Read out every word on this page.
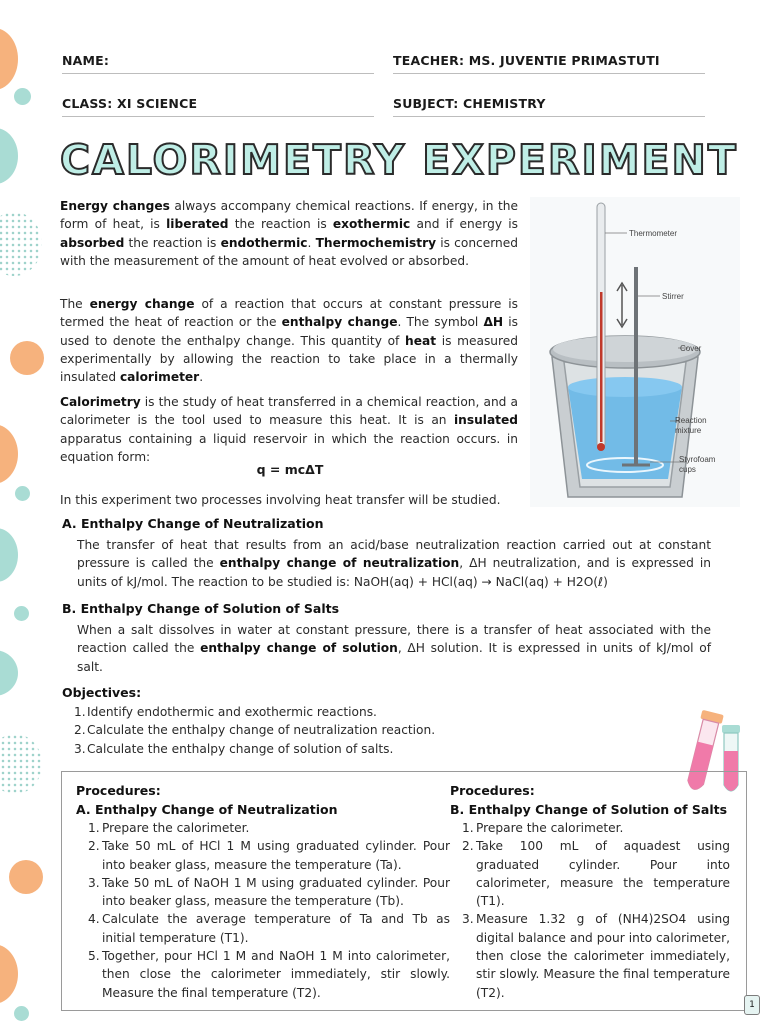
NAME:	TEACHER: MS. JUVENTIE PRIMASTUTI
CLASS: XI SCIENCE	SUBJECT: CHEMISTRY
CALORIMETRY EXPERIMENT
Energy changes always accompany chemical reactions. If energy, in the form of heat, is liberated the reaction is exothermic and if energy is absorbed the reaction is endothermic. Thermochemistry is concerned with the measurement of the amount of heat evolved or absorbed.
The energy change of a reaction that occurs at constant pressure is termed the heat of reaction or the enthalpy change. The symbol ΔH is used to denote the enthalpy change. This quantity of heat is measured experimentally by allowing the reaction to take place in a thermally insulated calorimeter.
Calorimetry is the study of heat transferred in a chemical reaction, and a calorimeter is the tool used to measure this heat. It is an insulated apparatus containing a liquid reservoir in which the reaction occurs. in equation form:
q = mcΔT
In this experiment two processes involving heat transfer will be studied.
Thermometer
Stirrer
Cover
Reaction
mixture
Styrofoam
cups
A. Enthalpy Change of Neutralization
The transfer of heat that results from an acid/base neutralization reaction carried out at constant pressure is called the enthalpy change of neutralization, ΔH neutralization, and is expressed in units of kJ/mol. The reaction to be studied is: NaOH(aq) + HCl(aq) → NaCl(aq) + H2O(ℓ)
B. Enthalpy Change of Solution of Salts
When a salt dissolves in water at constant pressure, there is a transfer of heat associated with the reaction called the enthalpy change of solution, ΔH solution. It is expressed in units of kJ/mol of salt.
Objectives:
1. Identify endothermic and exothermic reactions.
2. Calculate the enthalpy change of neutralization reaction.
3. Calculate the enthalpy change of solution of salts.
Procedures:
A. Enthalpy Change of Neutralization
1. Prepare the calorimeter.
2. Take 50 mL of HCl 1 M using graduated cylinder. Pour into beaker glass, measure the temperature (Ta).
3. Take 50 mL of NaOH 1 M using graduated cylinder. Pour into beaker glass, measure the temperature (Tb).
4. Calculate the average temperature of Ta and Tb as initial temperature (T1).
5. Together, pour HCl 1 M and NaOH 1 M into calorimeter, then close the calorimeter immediately, stir slowly. Measure the final temperature (T2).
Procedures:
B. Enthalpy Change of Solution of Salts
1. Prepare the calorimeter.
2. Take 100 mL of aquadest using graduated cylinder. Pour into calorimeter, measure the temperature (T1).
3. Measure 1.32 g of (NH4)2SO4 using digital balance and pour into calorimeter, then close the calorimeter immediately, stir slowly. Measure the final temperature (T2).
1
